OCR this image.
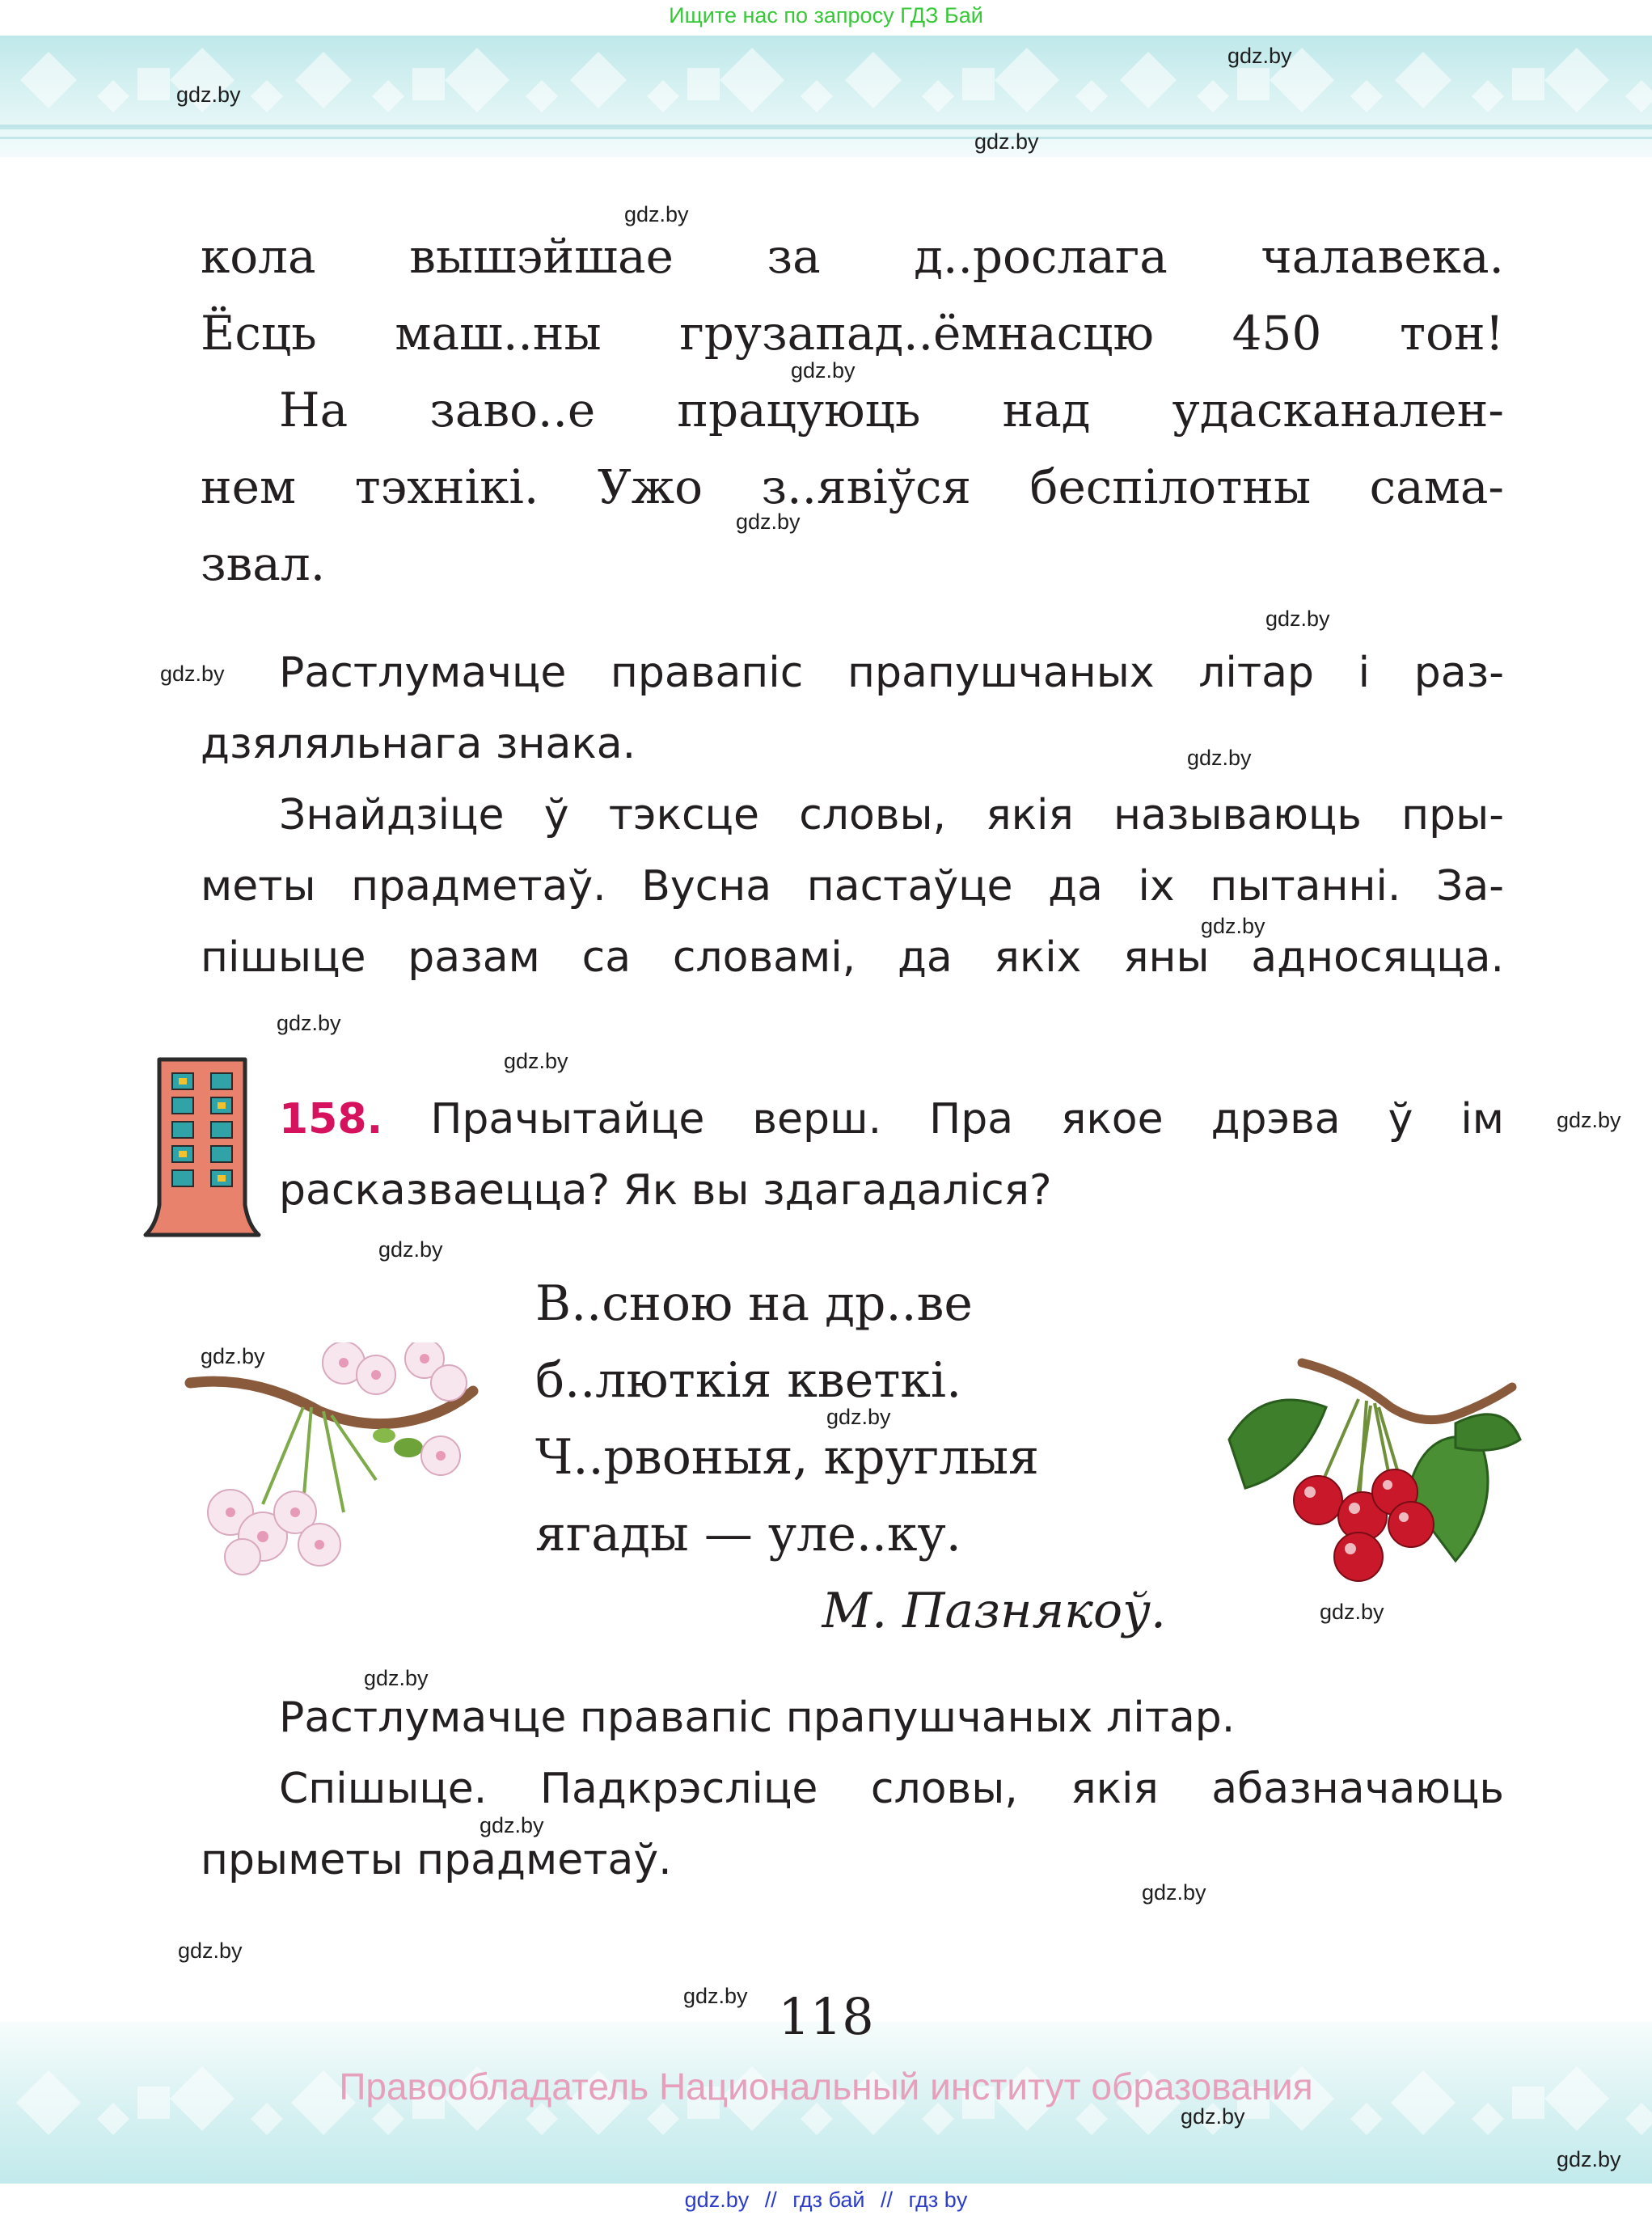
Ищите нас по запросу ГДЗ Бай
gdz.by
gdz.by
gdz.by
gdz.by
gdz.by
gdz.by
gdz.by
gdz.by
gdz.by
gdz.by
gdz.by
gdz.by
gdz.by
gdz.by
gdz.by
gdz.by
gdz.by
gdz.by
gdz.by
gdz.by
gdz.by
gdz.by
gdz.by
gdz.by
кола вышэйшае за д..рослага чалавека.
Ёсць маш..ны грузапад..ёмнасцю 450 тон!
На заво..е працуюць над удасканален-
нем тэхнікі. Ужо з..явіўся беспілотны сама-
звал.
Растлумачце правапіс прапушчаных літар і раз-
дзяляльнага знака.
Знайдзіце ў тэксце словы, якія называюць пры-
меты прадметаў. Вусна пастаўце да іх пытанні. За-
пішыце разам са словамі, да якіх яны адносяцца.
158. Прачытайце верш. Пра якое дрэва ў ім
расказваецца? Як вы здагадаліся?
В..сною на др..ве
б..люткія кветкі.
Ч..рвоныя, круглыя
ягады — уле..ку.
М. Пазнякоў.
Растлумачце правапіс прапушчаных літар.
Спішыце. Падкрэсліце словы, якія абазначаюць
прыметы прадметаў.
118
Правообладатель Национальный институт образования
gdz.by // гдз бай // гдз by
